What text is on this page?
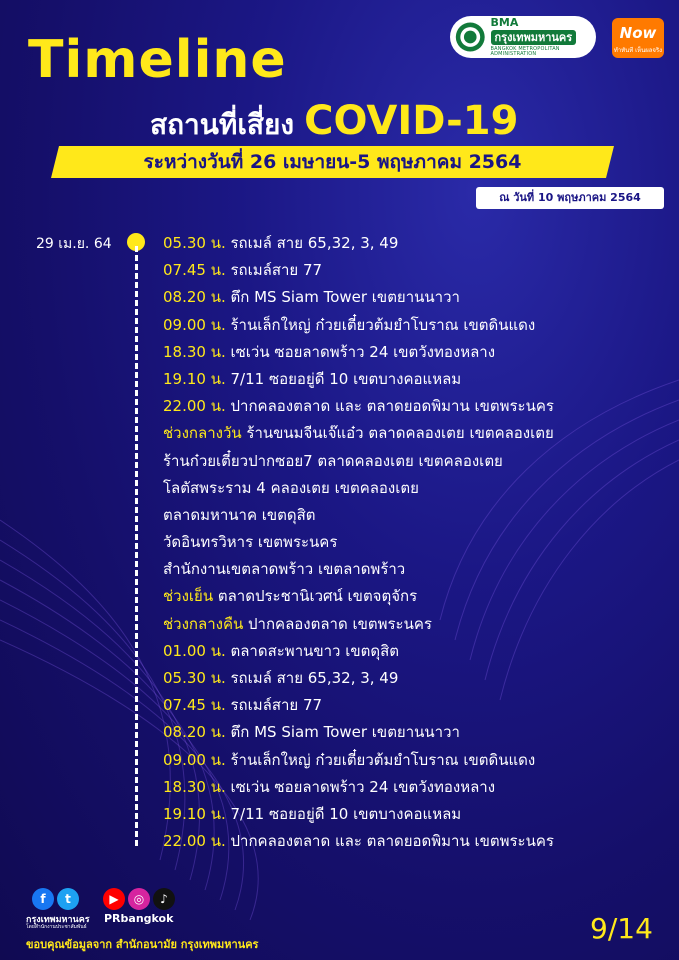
Timeline
สถานที่เสี่ยง COVID-19
ระหว่างวันที่ 26 เมษายน-5 พฤษภาคม 2564
ณ วันที่ 10 พฤษภาคม 2564
BMA
กรุงเทพมหานคร
BANGKOK METROPOLITAN ADMINISTRATION
Now
ทำทันที เห็นผลจริง
29 เม.ย. 64	05.30 น. รถเมล์ สาย 65,32, 3, 49
07.45 น. รถเมล์สาย 77
08.20 น. ตึก MS Siam Tower เขตยานนาวา
09.00 น. ร้านเล็กใหญ่ ก๋วยเตี๋ยวต้มยำโบราณ เขตดินแดง
18.30 น. เซเว่น ซอยลาดพร้าว 24 เขตวังทองหลาง
19.10 น. 7/11 ซอยอยู่ดี 10 เขตบางคอแหลม
22.00 น. ปากคลองตลาด และ ตลาดยอดพิมาน เขตพระนคร
ช่วงกลางวัน ร้านขนมจีนเจ๊แอ๋ว ตลาดคลองเตย เขตคลองเตย
ร้านก๋วยเตี๋ยวปากซอย7 ตลาดคลองเตย เขตคลองเตย
โลตัสพระราม 4 คลองเตย เขตคลองเตย
ตลาดมหานาค เขตดุสิต
วัดอินทรวิหาร เขตพระนคร
สำนักงานเขตลาดพร้าว เขตลาดพร้าว
ช่วงเย็น ตลาดประชานิเวศน์ เขตจตุจักร
ช่วงกลางคืน ปากคลองตลาด เขตพระนคร
01.00 น. ตลาดสะพานขาว เขตดุสิต
05.30 น. รถเมล์ สาย 65,32, 3, 49
07.45 น. รถเมล์สาย 77
08.20 น. ตึก MS Siam Tower เขตยานนาวา
09.00 น. ร้านเล็กใหญ่ ก๋วยเตี๋ยวต้มยำโบราณ เขตดินแดง
18.30 น. เซเว่น ซอยลาดพร้าว 24 เขตวังทองหลาง
19.10 น. 7/11 ซอยอยู่ดี 10 เขตบางคอแหลม
22.00 น. ปากคลองตลาด และ ตลาดยอดพิมาน เขตพระนคร
f	t
กรุงเทพมหานคร
โดยสำนักงานประชาสัมพันธ์
▶	◎	♪
PRbangkok
ขอบคุณข้อมูลจาก สำนักอนามัย กรุงเทพมหานคร	9/14
